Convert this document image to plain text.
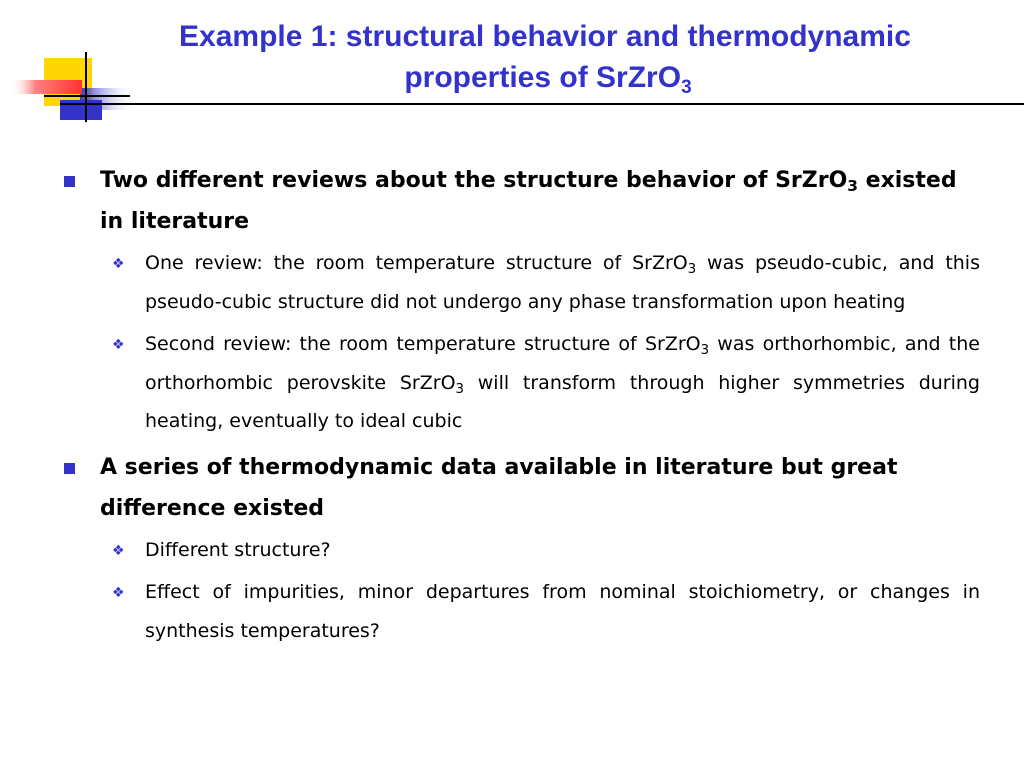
Example 1: structural behavior and thermodynamic
properties of SrZrO$_3$
Two different reviews about the structure behavior of SrZrO$_3$ existed in literature
❖ One review: the room temperature structure of SrZrO$_3$ was pseudo-cubic, and this pseudo-cubic structure did not undergo any phase transformation upon heating
❖ Second review: the room temperature structure of SrZrO$_3$ was orthorhombic, and the orthorhombic perovskite SrZrO$_3$ will transform through higher symmetries during heating, eventually to ideal cubic
A series of thermodynamic data available in literature but great difference existed
❖ Different structure?
❖ Effect of impurities, minor departures from nominal stoichiometry, or changes in synthesis temperatures?
